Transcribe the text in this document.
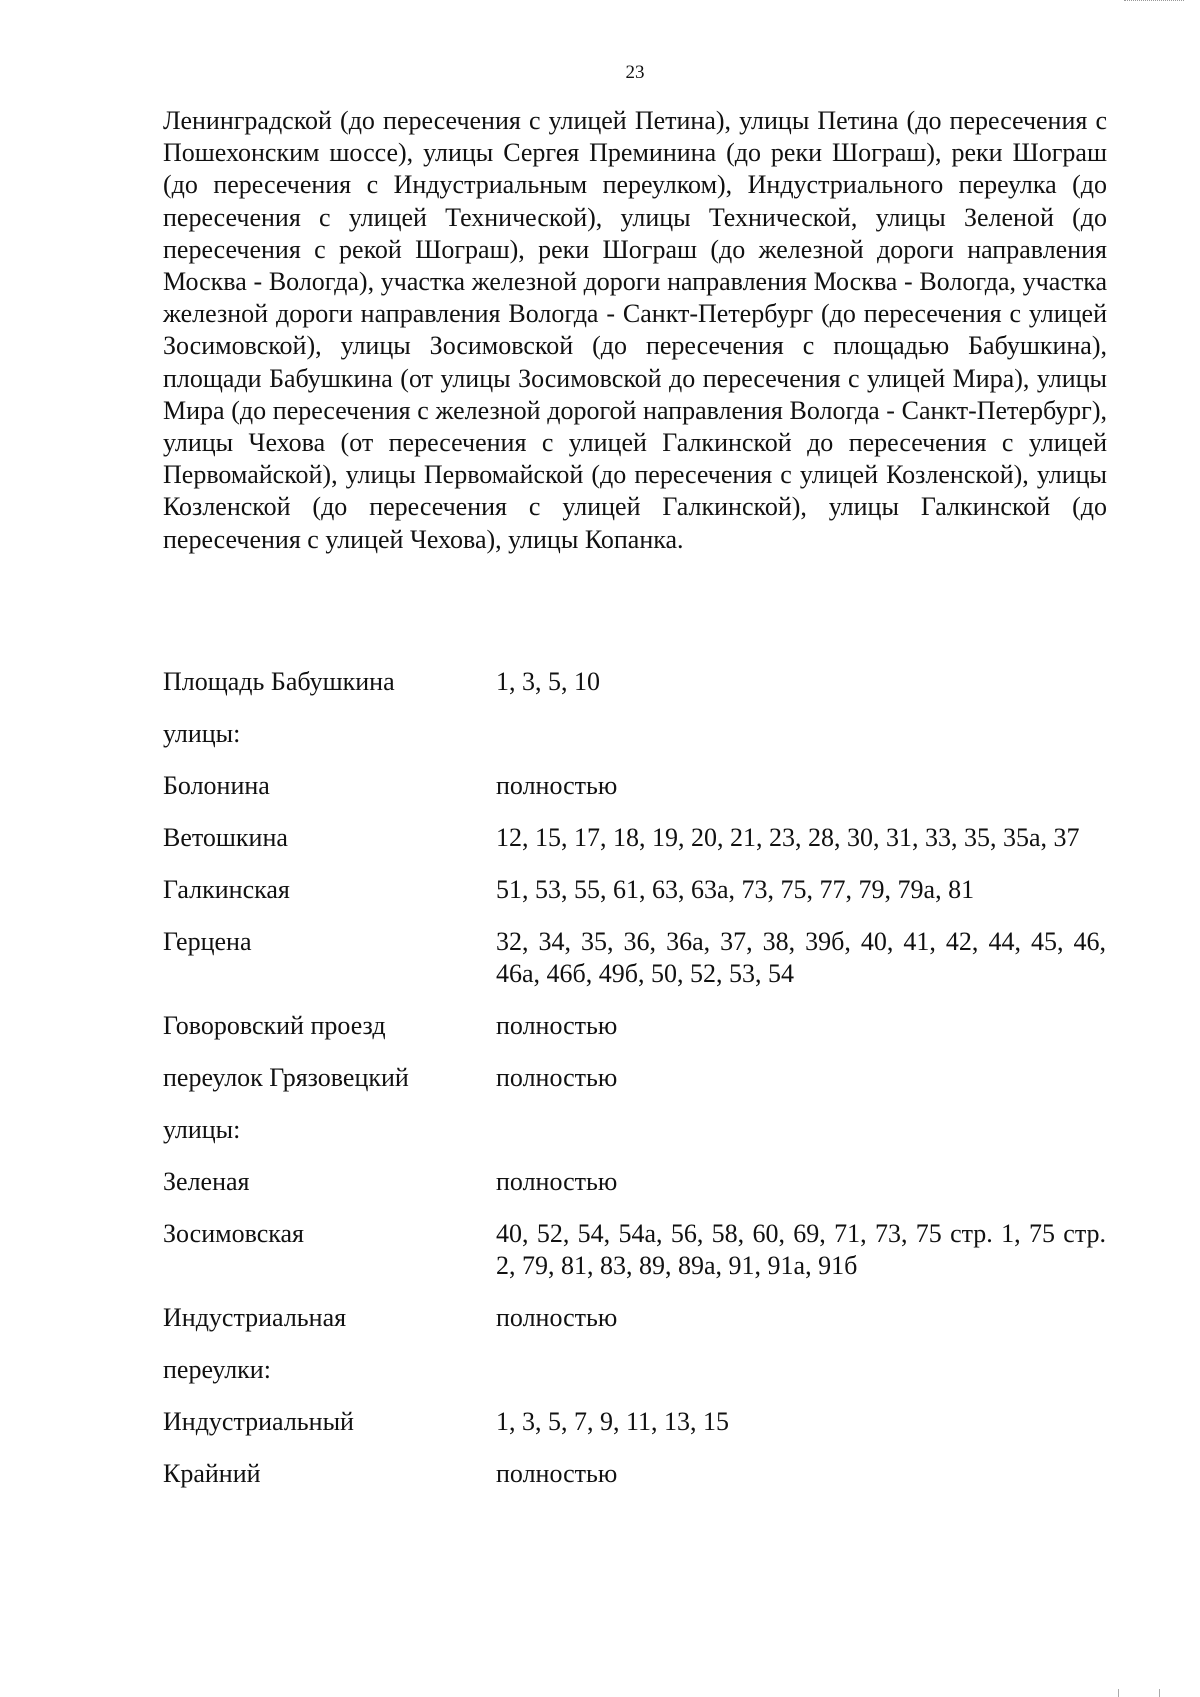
23

Ленинградской (до пересечения с улицей Петина), улицы Петина (до пересечения с Пошехонским шоссе), улицы Сергея Преминина (до реки Шограш), реки Шограш (до пересечения с Индустриальным переулком), Индустриального переулка (до пересечения с улицей Технической), улицы Технической, улицы Зеленой (до пересечения с рекой Шограш), реки Шограш (до железной дороги направления Москва - Вологда), участка железной дороги направления Москва - Вологда, участка железной дороги направления Вологда - Санкт-Петербург (до пересечения с улицей Зосимовской), улицы Зосимовской (до пересечения с площадью Бабушкина), площади Бабушкина (от улицы Зосимовской до пересечения с улицей Мира), улицы Мира (до пересечения с железной дорогой направления Вологда - Санкт-Петербург), улицы Чехова (от пересечения с улицей Галкинской до пересечения с улицей Первомайской), улицы Первомайской (до пересечения с улицей Козленской), улицы Козленской (до пересечения с улицей Галкинской), улицы Галкинской (до пересечения с улицей Чехова), улицы Копанка.

Площадь Бабушкина	1, 3, 5, 10
улицы:
Болонина	полностью
Ветошкина	12, 15, 17, 18, 19, 20, 21, 23, 28, 30, 31, 33, 35, 35а, 37
Галкинская	51, 53, 55, 61, 63, 63а, 73, 75, 77, 79, 79а, 81
Герцена	32, 34, 35, 36, 36а, 37, 38, 39б, 40, 41, 42, 44, 45, 46, 46а, 46б, 49б, 50, 52, 53, 54
Говоровский проезд	полностью
переулок Грязовецкий	полностью
улицы:
Зеленая	полностью
Зосимовская	40, 52, 54, 54а, 56, 58, 60, 69, 71, 73, 75 стр. 1, 75 стр. 2, 79, 81, 83, 89, 89а, 91, 91а, 91б
Индустриальная	полностью
переулки:
Индустриальный	1, 3, 5, 7, 9, 11, 13, 15
Крайний	полностью
